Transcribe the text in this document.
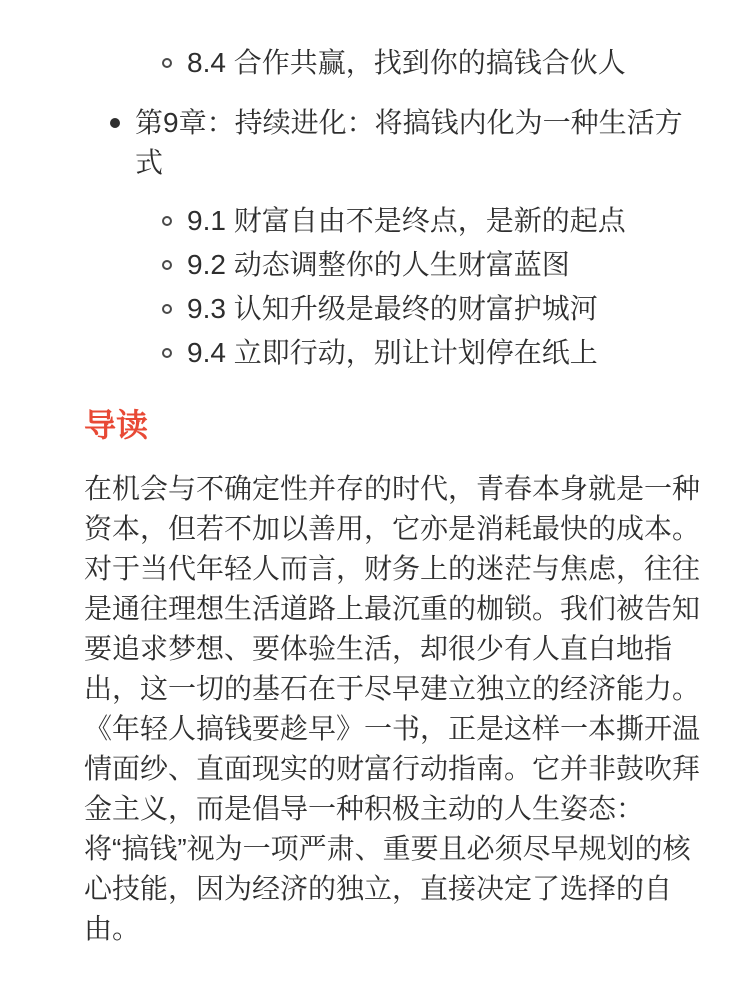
8.4 合作共赢，找到你的搞钱合伙人
第9章：持续进化：将搞钱内化为一种生活方式
9.1 财富自由不是终点，是新的起点
9.2 动态调整你的人生财富蓝图
9.3 认知升级是最终的财富护城河
9.4 立即行动，别让计划停在纸上
导读

在机会与不确定性并存的时代，青春本身就是一种资本，但若不加以善用，它亦是消耗最快的成本。对于当代年轻人而言，财务上的迷茫与焦虑，往往是通往理想生活道路上最沉重的枷锁。我们被告知要追求梦想、要体验生活，却很少有人直白地指出，这一切的基石在于尽早建立独立的经济能力。《年轻人搞钱要趁早》一书，正是这样一本撕开温情面纱、直面现实的财富行动指南。它并非鼓吹拜金主义，而是倡导一种积极主动的人生姿态：
将“搞钱”视为一项严肃、重要且必须尽早规划的核心技能，因为经济的独立，直接决定了选择的自由。
